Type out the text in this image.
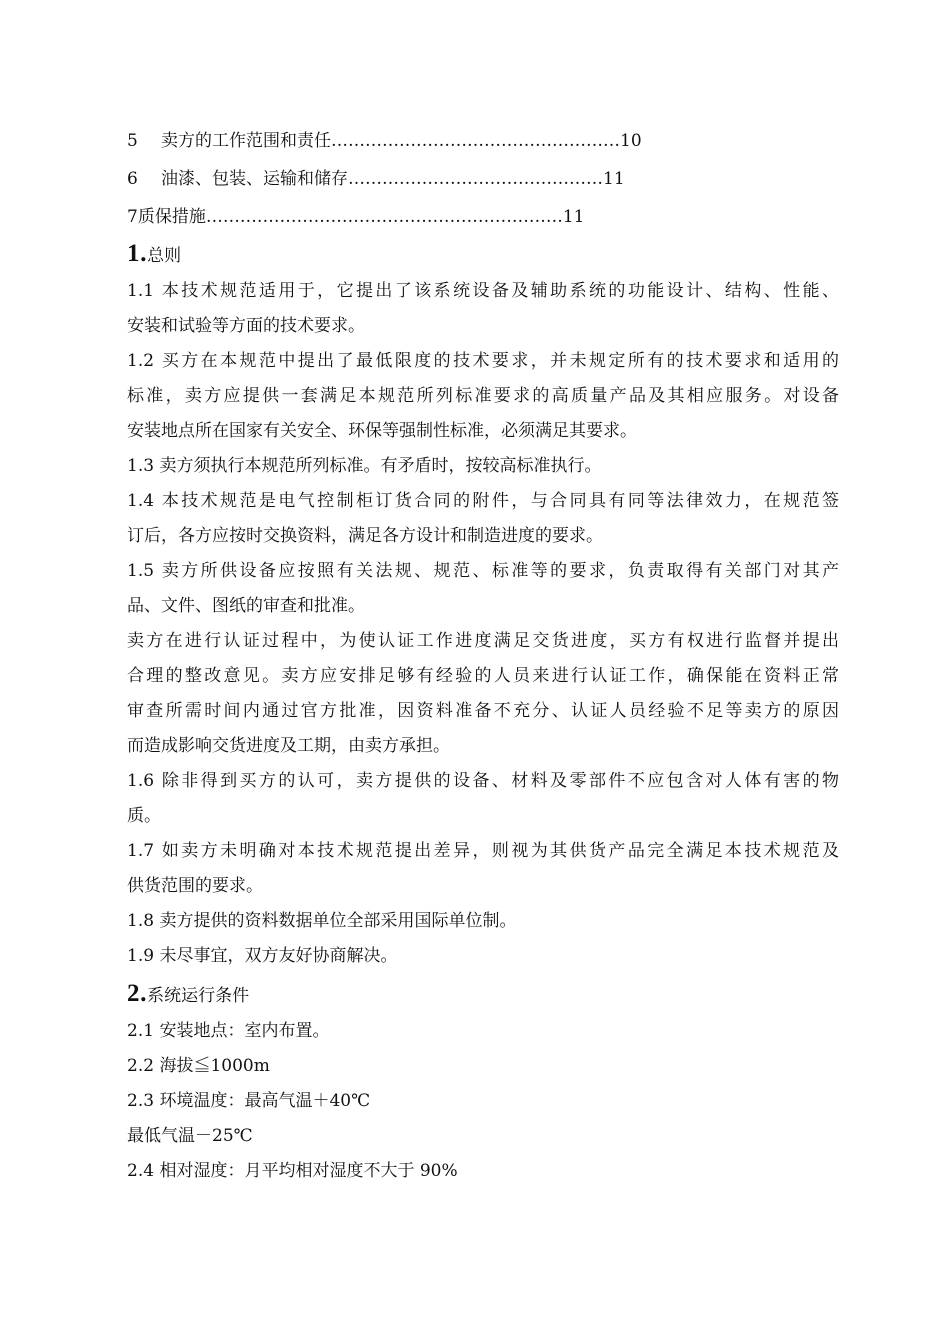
5 卖方的工作范围和责任……………………………………………10
6 油漆、包装、运输和储存………………………………………11
7质保措施………………………………………………………11
1.总则
1.1 本技术规范适用于，它提出了该系统设备及辅助系统的功能设计、结构、性能、
安装和试验等方面的技术要求。
1.2 买方在本规范中提出了最低限度的技术要求，并未规定所有的技术要求和适用的
标准，卖方应提供一套满足本规范所列标准要求的高质量产品及其相应服务。对设备
安装地点所在国家有关安全、环保等强制性标准，必须满足其要求。
1.3 卖方须执行本规范所列标准。有矛盾时，按较高标准执行。
1.4 本技术规范是电气控制柜订货合同的附件，与合同具有同等法律效力，在规范签
订后，各方应按时交换资料，满足各方设计和制造进度的要求。
1.5 卖方所供设备应按照有关法规、规范、标准等的要求，负责取得有关部门对其产
品、文件、图纸的审查和批准。
卖方在进行认证过程中，为使认证工作进度满足交货进度，买方有权进行监督并提出
合理的整改意见。卖方应安排足够有经验的人员来进行认证工作，确保能在资料正常
审查所需时间内通过官方批准，因资料准备不充分、认证人员经验不足等卖方的原因
而造成影响交货进度及工期，由卖方承担。
1.6 除非得到买方的认可，卖方提供的设备、材料及零部件不应包含对人体有害的物
质。
1.7 如卖方未明确对本技术规范提出差异，则视为其供货产品完全满足本技术规范及
供货范围的要求。
1.8 卖方提供的资料数据单位全部采用国际单位制。
1.9 未尽事宜，双方友好协商解决。
2.系统运行条件
2.1 安装地点：室内布置。
2.2 海拔≦1000m
2.3 环境温度：最高气温＋40℃
最低气温－25℃
2.4 相对湿度：月平均相对湿度不大于 90%
